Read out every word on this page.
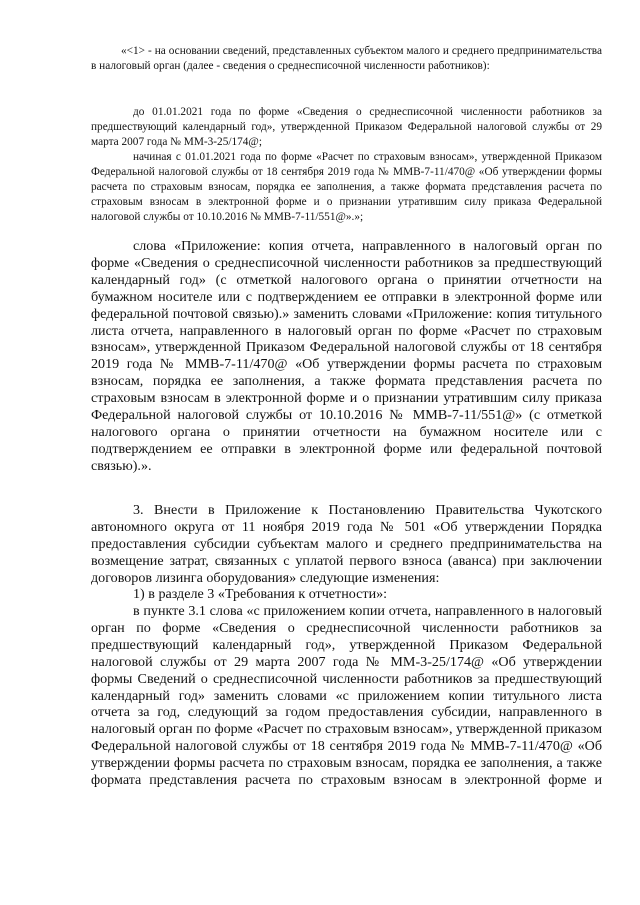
«<1> - на основании сведений, представленных субъектом малого и среднего предпринимательства в налоговый орган (далее - сведения о среднесписочной численности работников):

до 01.01.2021 года по форме «Сведения о среднесписочной численности работников за предшествующий календарный год», утвержденной Приказом Федеральной налоговой службы от 29 марта 2007 года № ММ-3-25/174@;

начиная с 01.01.2021 года по форме «Расчет по страховым взносам», утвержденной Приказом Федеральной налоговой службы от 18 сентября 2019 года № ММВ-7-11/470@ «Об утверждении формы расчета по страховым взносам, порядка ее заполнения, а также формата представления расчета по страховым взносам в электронной форме и о признании утратившим силу приказа Федеральной налоговой службы от 10.10.2016 № ММВ-7-11/551@».»;

слова «Приложение: копия отчета, направленного в налоговый орган по форме «Сведения о среднесписочной численности работников за предшествующий календарный год» (с отметкой налогового органа о принятии отчетности на бумажном носителе или с подтверждением ее отправки в электронной форме или федеральной почтовой связью).» заменить словами «Приложение: копия титульного листа отчета, направленного в налоговый орган по форме «Расчет по страховым взносам», утвержденной Приказом Федеральной налоговой службы от 18 сентября 2019 года № ММВ-7-11/470@ «Об утверждении формы расчета по страховым взносам, порядка ее заполнения, а также формата представления расчета по страховым взносам в электронной форме и о признании утратившим силу приказа Федеральной налоговой службы от 10.10.2016 № ММВ-7-11/551@» (с отметкой налогового органа о принятии отчетности на бумажном носителе или с подтверждением ее отправки в электронной форме или федеральной почтовой связью).».

3. Внести в Приложение к Постановлению Правительства Чукотского автономного округа от 11 ноября 2019 года № 501 «Об утверждении Порядка предоставления субсидии субъектам малого и среднего предпринимательства на возмещение затрат, связанных с уплатой первого взноса (аванса) при заключении договоров лизинга оборудования» следующие изменения:

1) в разделе 3 «Требования к отчетности»:

в пункте 3.1 слова «с приложением копии отчета, направленного в налоговый орган по форме «Сведения о среднесписочной численности работников за предшествующий календарный год», утвержденной Приказом Федеральной налоговой службы от 29 марта 2007 года № ММ-3-25/174@ «Об утверждении формы Сведений о среднесписочной численности работников за предшествующий календарный год» заменить словами «с приложением копии титульного листа отчета за год, следующий за годом предоставления субсидии, направленного в налоговый орган по форме «Расчет по страховым взносам», утвержденной приказом Федеральной налоговой службы от 18 сентября 2019 года № ММВ-7-11/470@ «Об утверждении формы расчета по страховым взносам, порядка ее заполнения, а также формата представления расчета по страховым взносам в электронной форме и
